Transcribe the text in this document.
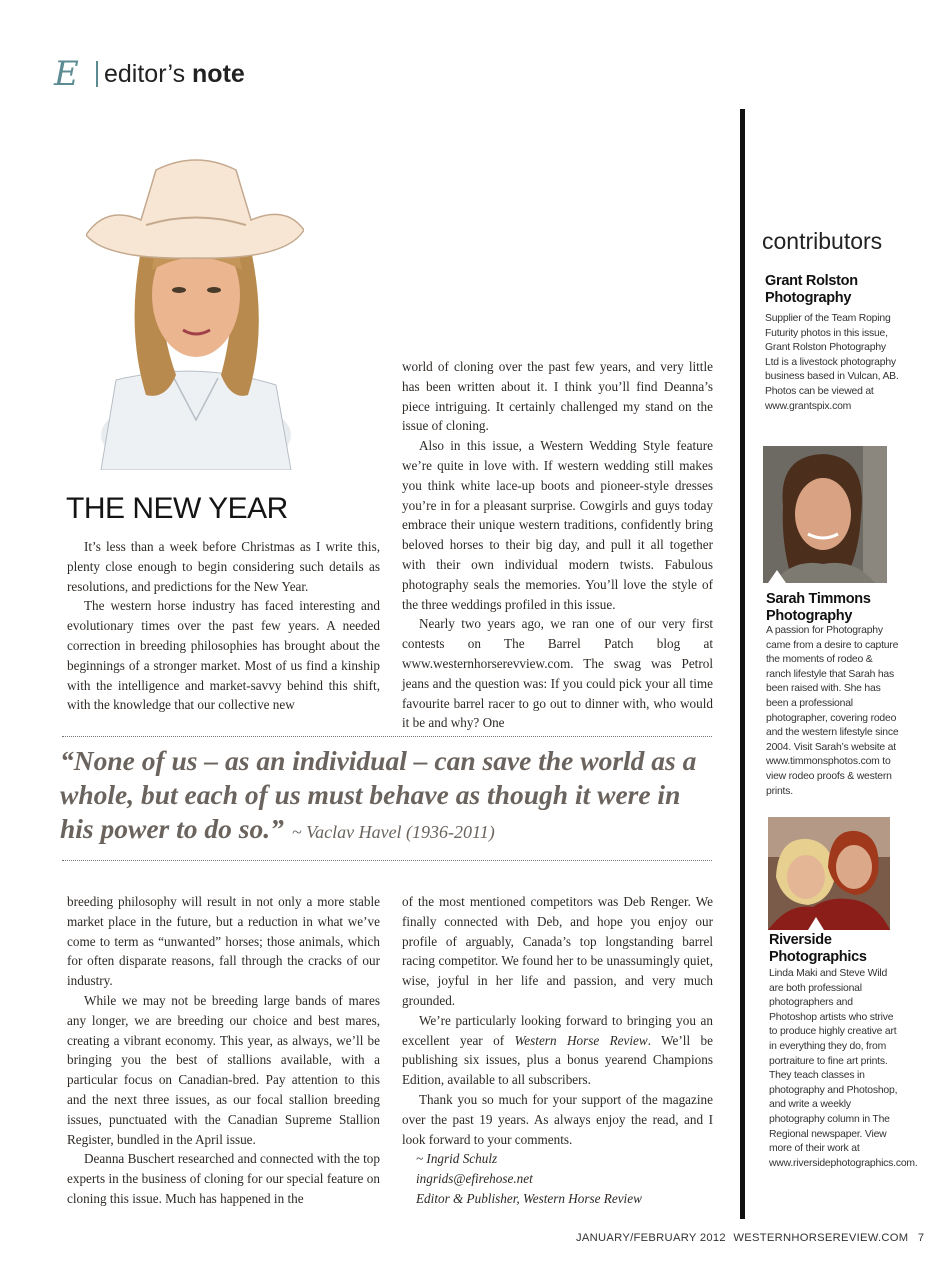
E	editor’s note
THE NEW YEAR

It’s less than a week before Christmas as I write this, plenty close enough to begin considering such details as resolutions, and predictions for the New Year.

The western horse industry has faced interesting and evolutionary times over the past few years. A needed correction in breeding philosophies has brought about the beginnings of a stronger market. Most of us find a kinship with the intelligence and market-savvy behind this shift, with the knowledge that our collective new

world of cloning over the past few years, and very little has been written about it. I think you’ll find Deanna’s piece intriguing. It certainly challenged my stand on the issue of cloning.

Also in this issue, a Western Wedding Style feature we’re quite in love with. If western wedding still makes you think white lace-up boots and pioneer-style dresses you’re in for a pleasant surprise. Cowgirls and guys today embrace their unique western traditions, confidently bring beloved horses to their big day, and pull it all together with their own individual modern twists. Fabulous photography seals the memories. You’ll love the style of the three weddings profiled in this issue.

Nearly two years ago, we ran one of our very first contests on The Barrel Patch blog at www.westernhorserevview.com. The swag was Petrol jeans and the question was: If you could pick your all time favourite barrel racer to go out to dinner with, who would it be and why? One

“None of us – as an individual – can save the world as a whole, but each of us must behave as though it were in his power to do so.” ~ Vaclav Havel (1936-2011)

breeding philosophy will result in not only a more stable market place in the future, but a reduction in what we’ve come to term as “unwanted” horses; those animals, which for often disparate reasons, fall through the cracks of our industry.

While we may not be breeding large bands of mares any longer, we are breeding our choice and best mares, creating a vibrant economy. This year, as always, we’ll be bringing you the best of stallions available, with a particular focus on Canadian-bred. Pay attention to this and the next three issues, as our focal stallion breeding issues, punctuated with the Canadian Supreme Stallion Register, bundled in the April issue.

Deanna Buschert researched and connected with the top experts in the business of cloning for our special feature on cloning this issue. Much has happened in the

of the most mentioned competitors was Deb Renger. We finally connected with Deb, and hope you enjoy our profile of arguably, Canada’s top longstanding barrel racing competitor. We found her to be unassumingly quiet, wise, joyful in her life and passion, and very much grounded.

We’re particularly looking forward to bringing you an excellent year of Western Horse Review. We’ll be publishing six issues, plus a bonus yearend Champions Edition, available to all subscribers.

Thank you so much for your support of the magazine over the past 19 years. As always enjoy the read, and I look forward to your comments.

~ Ingrid Schulz

ingrids@efirehose.net

Editor & Publisher, Western Horse Review

contributors

Grant Rolston Photography

Supplier of the Team Roping Futurity photos in this issue, Grant Rolston Photography Ltd is a livestock photography business based in Vulcan, AB. Photos can be viewed at www.grantspix.com

Sarah Timmons Photography

A passion for Photography came from a desire to capture the moments of rodeo & ranch lifestyle that Sarah has been raised with. She has been a professional photographer, covering rodeo and the western lifestyle since 2004. Visit Sarah’s website at www.timmonsphotos.com to view rodeo proofs & western prints.

Riverside Photographics

Linda Maki and Steve Wild are both professional photographers and Photoshop artists who strive to produce highly creative art in everything they do, from portraiture to fine art prints. They teach classes in photography and Photoshop, and write a weekly photography column in The Regional newspaper. View more of their work at www.riversidephotographics.com.

JANUARY/FEBRUARY 2012 WESTERNHORSEREVIEW.COM 7
